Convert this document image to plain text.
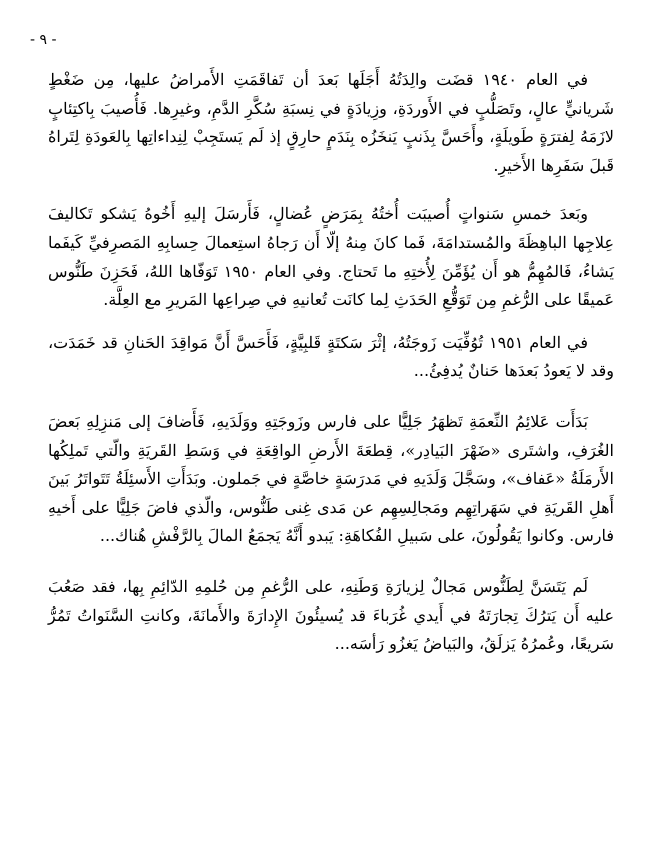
- ٩ -

في العام ١٩٤٠ قضَت والِدَتُهُ أَجَلَها بَعدَ أن تَفاقَمَتِ الأَمراضُ عليها، مِن ضَغْطٍ شَريانيٍّ عالٍ، وتَصَلُّبٍ في الأَوردَةِ، وزِيادَةٍ في نِسبَةِ سُكَّرِ الدَّمِ، وغيرِها. فَأُصيبَ بِاكتِئابٍ لازَمَهُ لِفترَةٍ طَويلَةٍ، وأَحَسَّ بِذَنبٍ يَنخَزُه بِنَدَمٍ حارِقٍ إذ لَم يَستَجِبْ لِنِداءاتِها بِالعَودَةِ لِتَراهُ قَبلَ سَفَرِها الأَخيرِ.

وبَعدَ خمسِ سَنواتٍ أُصيبَت أُختُهُ بِمَرَضٍ عُضالٍ، فَأَرسَلَ إليهِ أَخُوهُ يَشكو تَكاليفَ عِلاجِها الباهِظَةَ والمُستدامَةَ، فَما كانَ مِنهُ إلّا أَن رَجاهُ استِعمالَ حِسابِهِ المَصرِفيِّ كَيفَما يَشاءُ، فَالمُهِمُّ هو أَن يُؤَمِّنَ لِأُختِهِ ما تَحتاج. وفي العام ١٩٥٠ تَوَفّاها اللهُ، فَحَزِنَ طَنُّوس عَميقًا على الرُّغمِ مِن تَوَقُّعِ الحَدَثِ لِما كانَت تُعانيهِ في صِراعِها المَريرِ مع العِلَّة.

في العام ١٩٥١ تُوُفِّيَت زَوجَتُهُ، إثْرَ سَكتَةٍ قَلبِيَّةٍ، فَأَحَسَّ أَنَّ مَواقِدَ الحَنانِ قد خَمَدَت، وقد لا يَعودُ بَعدَها حَنانٌ يُدفِئُ...

بَدَأَت عَلائِمُ النِّعمَةِ تَظهَرُ جَلِيًّا على فارس وزَوجَتِهِ ووَلَدَيهِ، فَأَضافَ إلى مَنزِلِهِ بَعضَ الغُرَفِ، واشتَرى «ضَهْرَ البَيادِر»، قِطعَةَ الأَرضِ الواقِعَةِ في وَسَطِ القَريَةِ والّتي تَملِكُها الأَرمَلَةُ «عَفاف»، وسَجَّلَ وَلَدَيهِ في مَدرَسَةٍ خاصَّةٍ في جَملون. وبَدَأَتِ الأَسئِلَةُ تَتَواتَرُ بَينَ أَهلِ القَريَةِ في سَهَراتِهِم ومَجالِسِهِم عن مَدى غِنى طَنُّوس، والّذي فاضَ جَلِيًّا على أَخيهِ فارس. وكانوا يَقُولُونَ، على سَبيلِ الفُكاهَةِ: يَبدو أَنَّهُ يَجمَعُ المالَ بِالرَّفْشِ هُناك...

لَم يَتَسَنَّ لِطَنُّوس مَجالٌ لِزيارَةِ وَطَنِهِ، على الرُّغمِ مِن حُلمِهِ الدّائِمِ بِها، فقد صَعُبَ عليه أَن يَترُكَ تِجارَتَهُ في أَيدي غُرَباءَ قد يُسيئُونَ الإِدارَةَ والأَمانَةَ، وكانتِ السَّنَواتُ تَمُرُّ سَريعًا، وعُمرُهُ يَزلَقُ، والبَياضُ يَغزُو رَأسَه...
